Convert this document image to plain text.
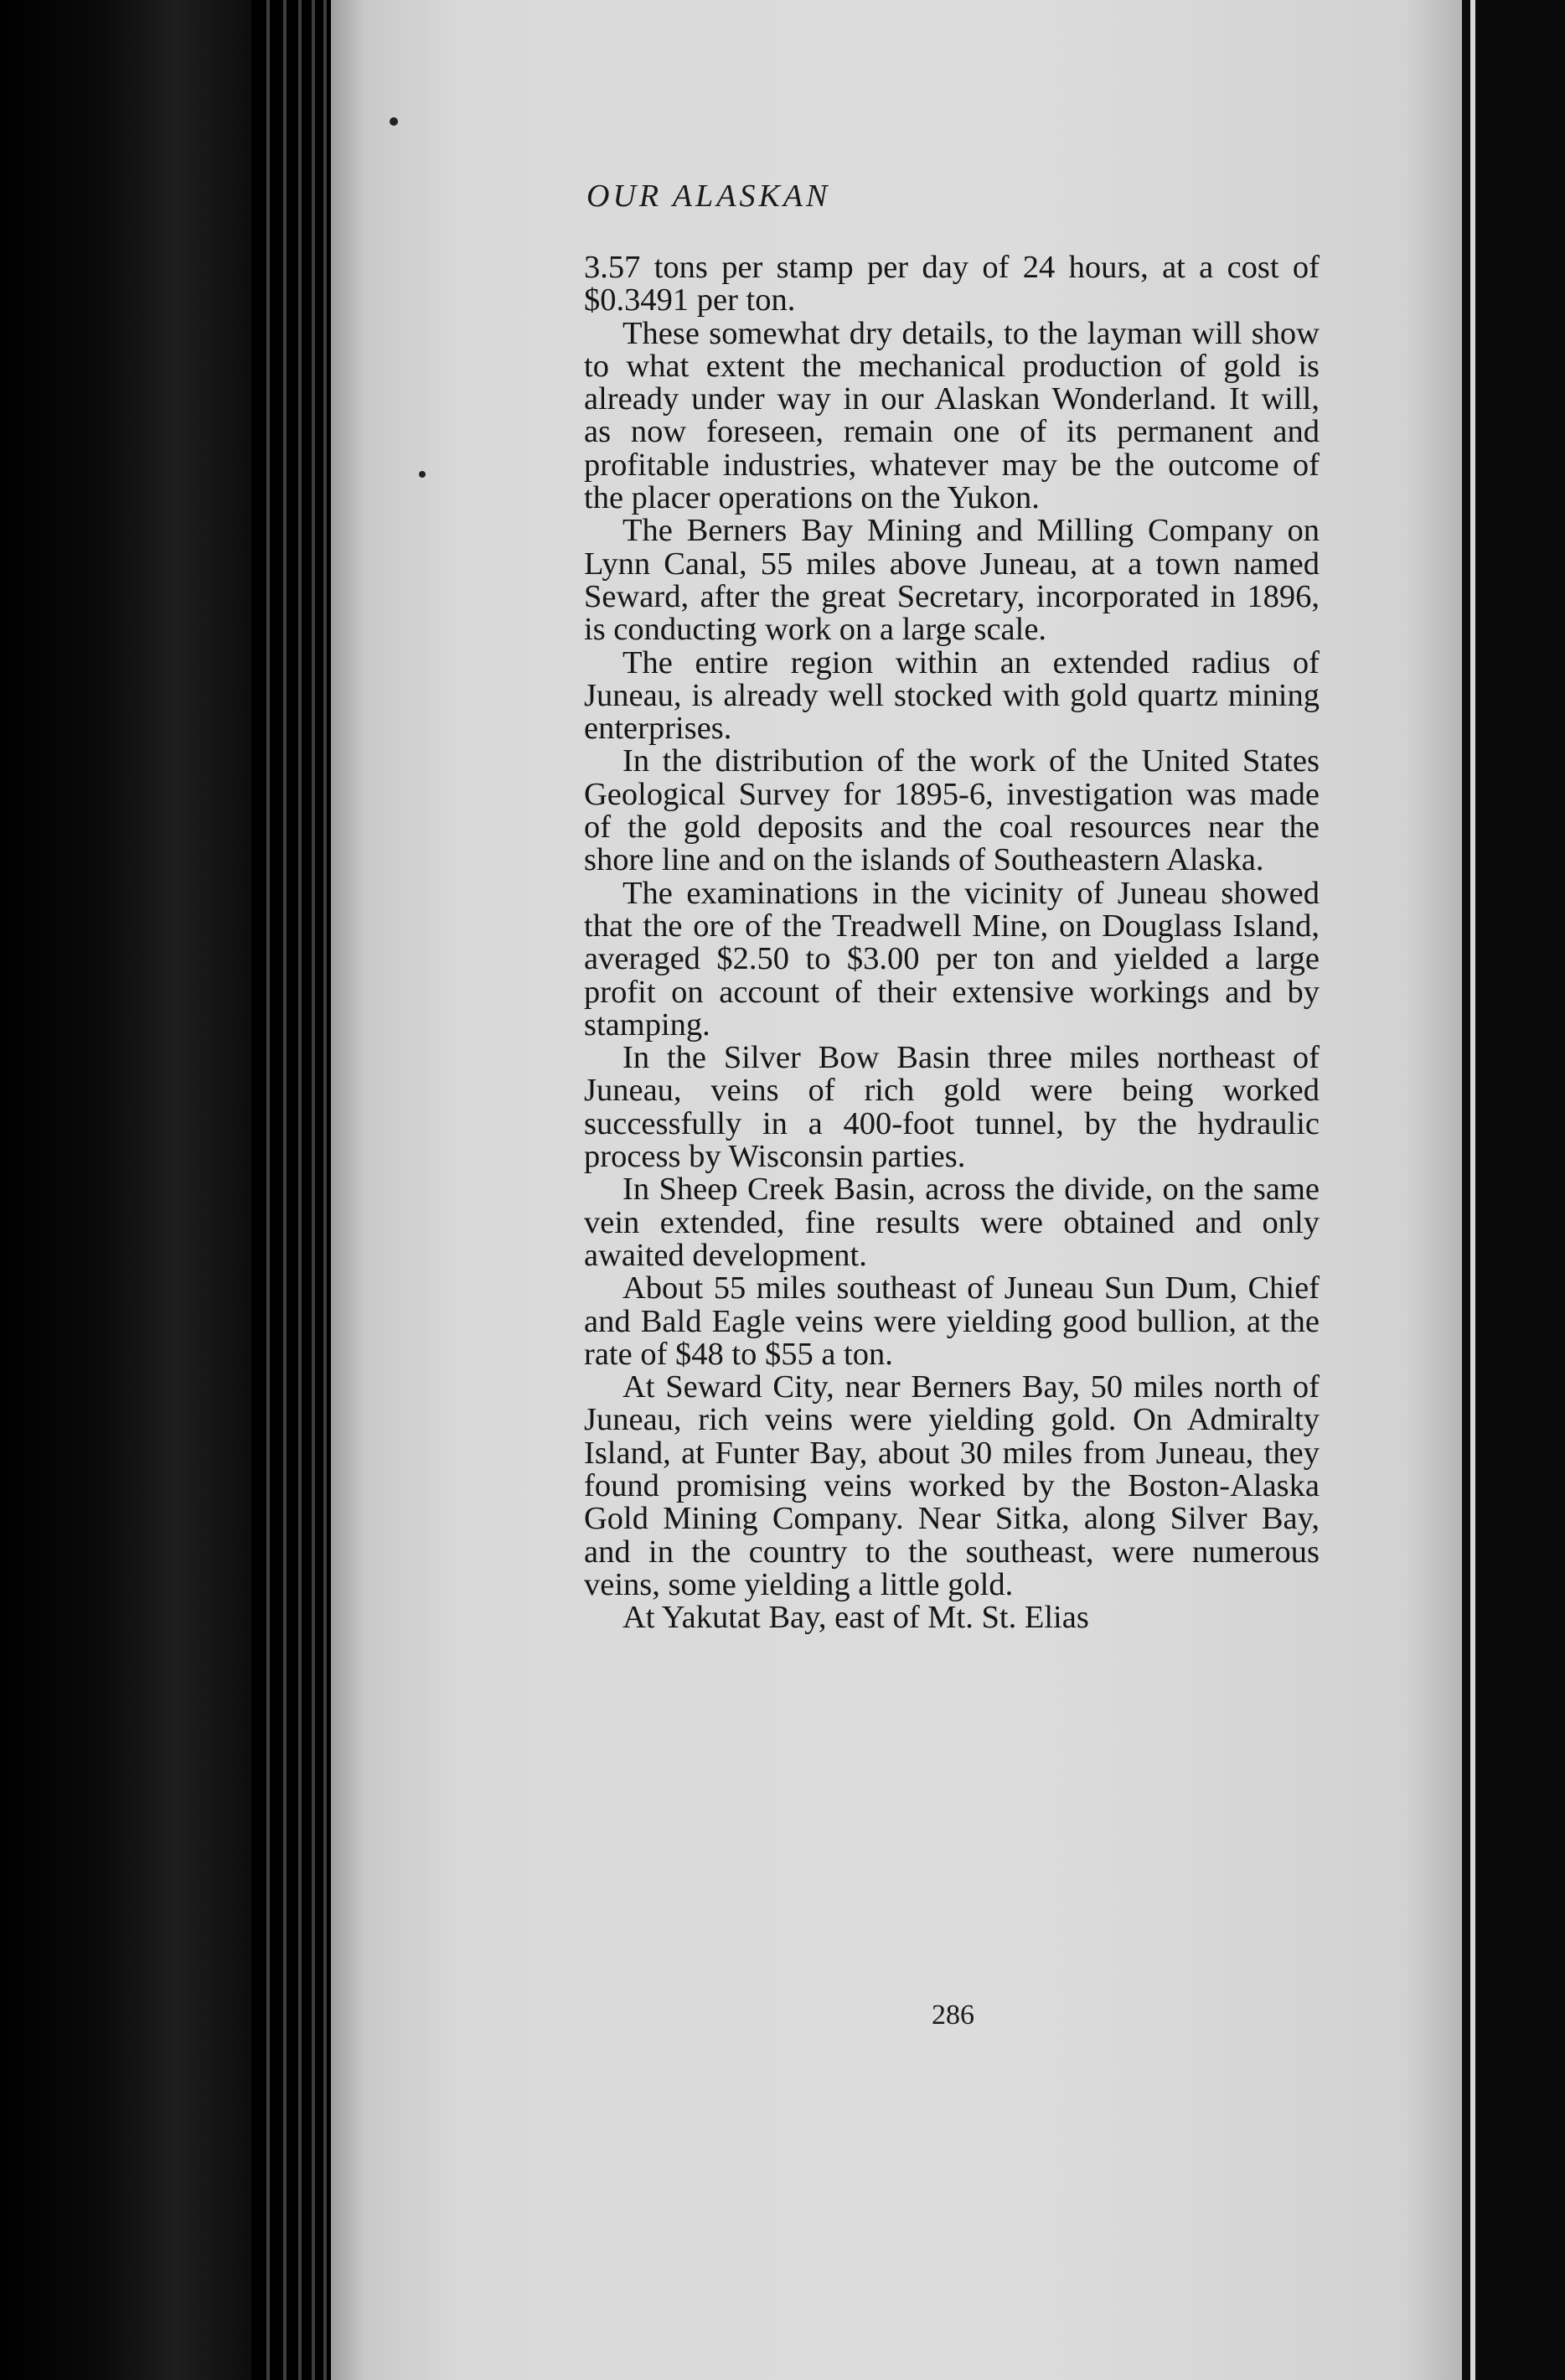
OUR ALASKAN

3.57 tons per stamp per day of 24 hours, at a cost of $0.3491 per ton.

These somewhat dry details, to the layman will show to what extent the mechanical production of gold is already under way in our Alaskan Wonderland. It will, as now foreseen, remain one of its permanent and profitable industries, whatever may be the outcome of the placer operations on the Yukon.

The Berners Bay Mining and Milling Company on Lynn Canal, 55 miles above Juneau, at a town named Seward, after the great Secretary, incorporated in 1896, is conducting work on a large scale.

The entire region within an extended radius of Juneau, is already well stocked with gold quartz mining enterprises.

In the distribution of the work of the United States Geological Survey for 1895-6, investigation was made of the gold deposits and the coal resources near the shore line and on the islands of Southeastern Alaska.

The examinations in the vicinity of Juneau showed that the ore of the Treadwell Mine, on Douglass Island, averaged $2.50 to $3.00 per ton and yielded a large profit on account of their extensive workings and by stamping.

In the Silver Bow Basin three miles northeast of Juneau, veins of rich gold were being worked successfully in a 400-foot tunnel, by the hydraulic process by Wisconsin parties.

In Sheep Creek Basin, across the divide, on the same vein extended, fine results were obtained and only awaited development.

About 55 miles southeast of Juneau Sun Dum, Chief and Bald Eagle veins were yielding good bullion, at the rate of $48 to $55 a ton.

At Seward City, near Berners Bay, 50 miles north of Juneau, rich veins were yielding gold. On Admiralty Island, at Funter Bay, about 30 miles from Juneau, they found promising veins worked by the Boston-Alaska Gold Mining Company. Near Sitka, along Silver Bay, and in the country to the southeast, were numerous veins, some yielding a little gold.

At Yakutat Bay, east of Mt. St. Elias

286
